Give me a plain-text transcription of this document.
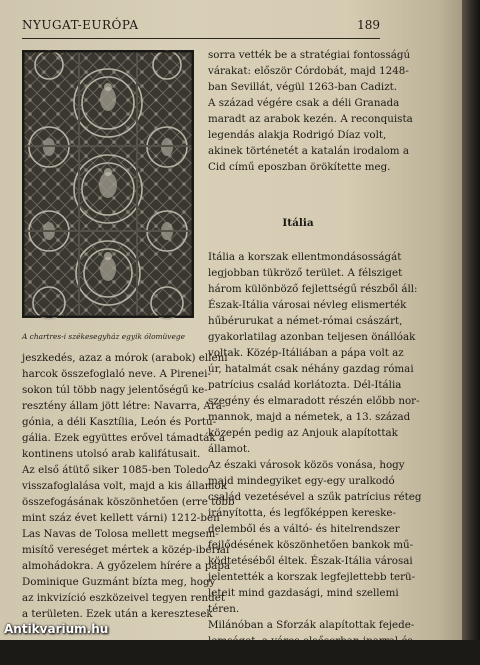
NYUGAT-EURÓPA	189
A chartres-i székesegyház egyik ólomüvege
jeszkedés, azaz a mórok (arabok) elleni
harcok összefoglaló neve. A Pirenei-
sokon túl több nagy jelentőségű ke-
resztény állam jött létre: Navarra, Ara-
gónia, a déli Kasztília, León és Portu-
gália. Ezek együttes erővel támadták a
kontinens utolsó arab kalifátusait.
Az első átütő siker 1085-ben Toledo
visszafoglalása volt, majd a kis államok
összefogásának köszönhetően (erre több
mint száz évet kellett várni) 1212-ben
Las Navas de Tolosa mellett megsem-
misítő vereséget mértek a közép-ibériai
almohádokra. A győzelem hírére a pápa
Dominique Guzmánt bízta meg, hogy
az inkvizíció eszközeivel tegyen rendet
a területen. Ezek után a keresztesek
sorra vették be a stratégiai fontosságú
várakat: először Córdobát, majd 1248-
ban Sevillát, végül 1263-ban Cadizt.
A század végére csak a déli Granada
maradt az arabok kezén. A reconquista
legendás alakja Rodrigó Díaz volt,
akinek történetét a katalán irodalom a
Cid című eposzban örökítette meg.
Itália
Itália a korszak ellentmondásosságát
legjobban tükröző terület. A félsziget
három különböző fejlettségű részből áll:
Észak-Itália városai névleg elismerték
hűbérurukat a német-római császárt,
gyakorlatilag azonban teljesen önállóak
voltak. Közép-Itáliában a pápa volt az
úr, hatalmát csak néhány gazdag római
patrícius család korlátozta. Dél-Itália
szegény és elmaradott részén előbb nor-
mannok, majd a németek, a 13. század
közepén pedig az Anjouk alapítottak
államot.
Az északi városok közös vonása, hogy
majd mindegyiket egy-egy uralkodó
család vezetésével a szűk patrícius réteg
irányította, és legfőképpen kereske-
delemből és a váltó- és hitelrendszer
fejlődésének köszönhetően bankok mű-
ködtetéséből éltek. Észak-Itália városai
jelentették a korszak legfejlettebb terü-
leteit mind gazdasági, mind szellemi
téren.
Milánóban a Sforzák alapítottak fejede-
lemséget, a város elsősorban iparral és
posztógyártással foglalkozott. Stratégiai
Antikvarium.hu
